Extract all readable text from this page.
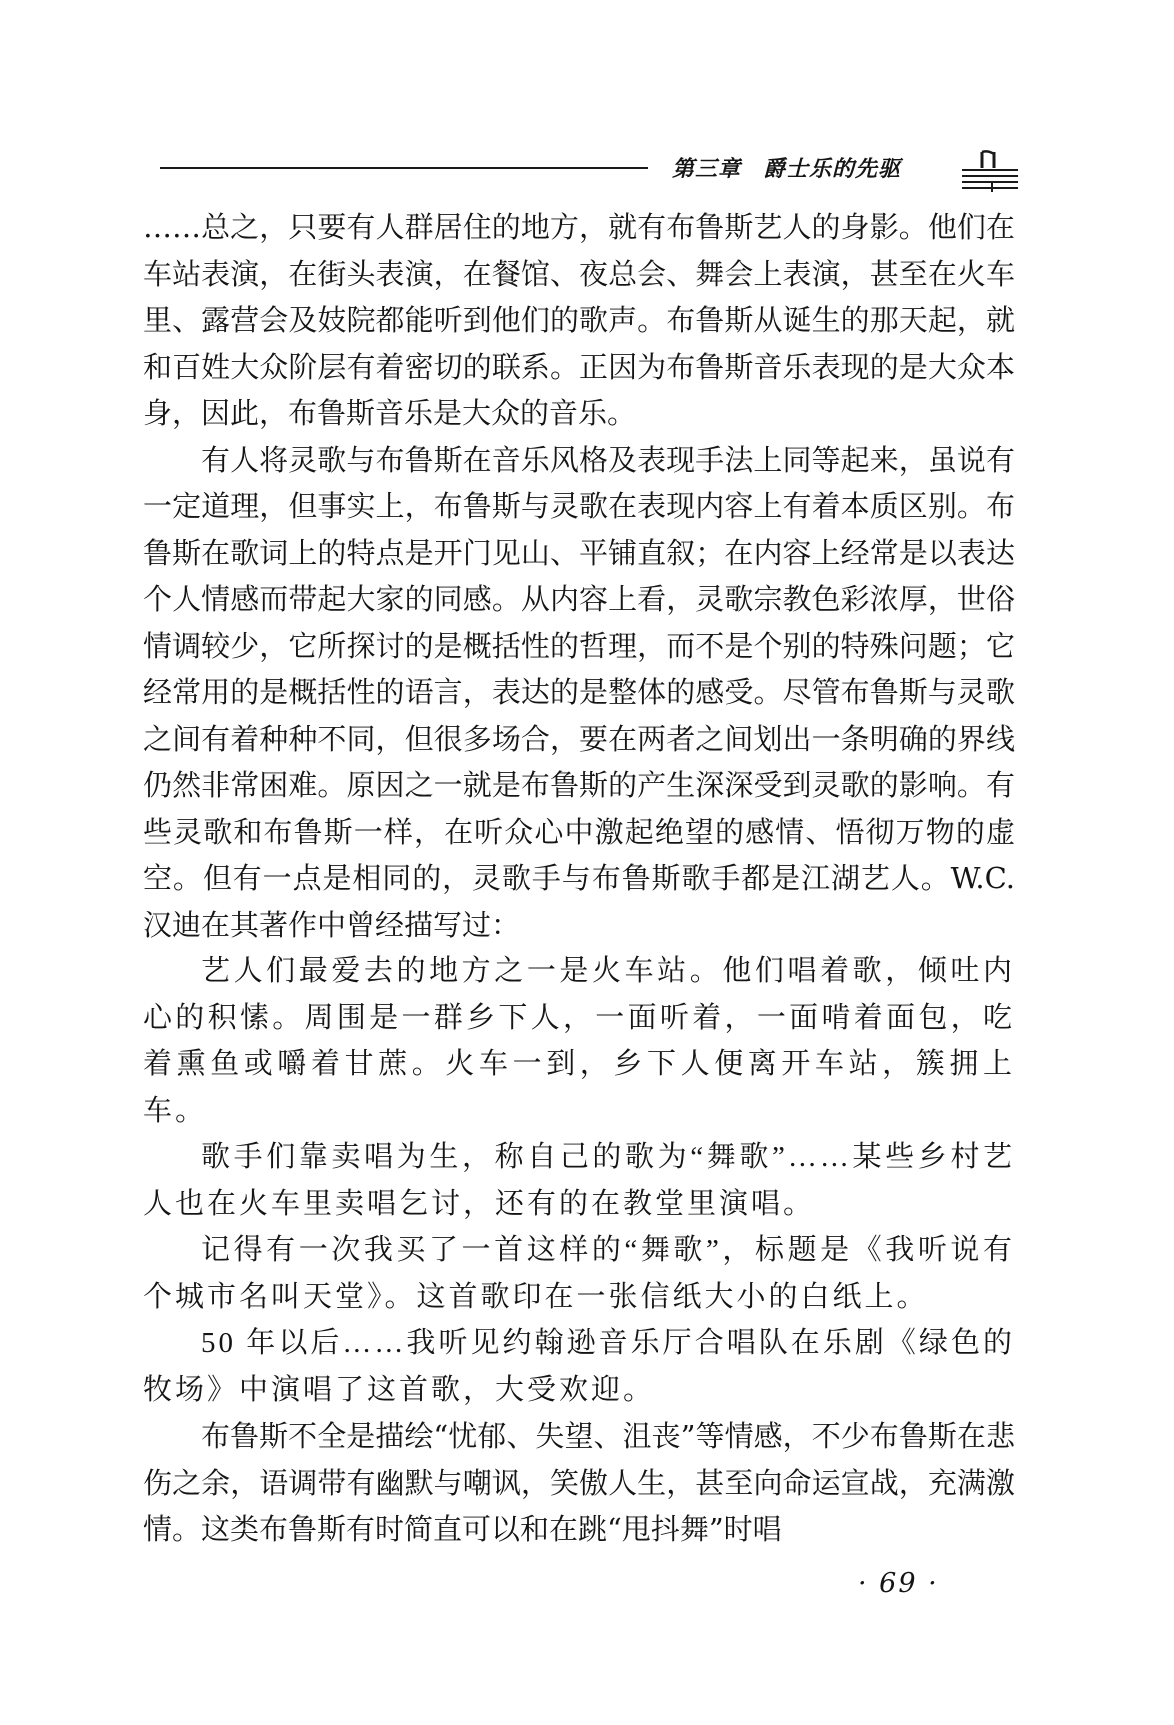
第三章 爵士乐的先驱

……总之，只要有人群居住的地方，就有布鲁斯艺人的身影。他们在车站表演，在街头表演，在餐馆、夜总会、舞会上表演，甚至在火车里、露营会及妓院都能听到他们的歌声。布鲁斯从诞生的那天起，就和百姓大众阶层有着密切的联系。正因为布鲁斯音乐表现的是大众本身，因此，布鲁斯音乐是大众的音乐。

有人将灵歌与布鲁斯在音乐风格及表现手法上同等起来，虽说有一定道理，但事实上，布鲁斯与灵歌在表现内容上有着本质区别。布鲁斯在歌词上的特点是开门见山、平铺直叙；在内容上经常是以表达个人情感而带起大家的同感。从内容上看，灵歌宗教色彩浓厚，世俗情调较少，它所探讨的是概括性的哲理，而不是个别的特殊问题；它经常用的是概括性的语言，表达的是整体的感受。尽管布鲁斯与灵歌之间有着种种不同，但很多场合，要在两者之间划出一条明确的界线仍然非常困难。原因之一就是布鲁斯的产生深深受到灵歌的影响。有些灵歌和布鲁斯一样，在听众心中激起绝望的感情、悟彻万物的虚空。但有一点是相同的，灵歌手与布鲁斯歌手都是江湖艺人。W.C. 汉迪在其著作中曾经描写过：

艺人们最爱去的地方之一是火车站。他们唱着歌，倾吐内心的积愫。周围是一群乡下人，一面听着，一面啃着面包，吃着熏鱼或嚼着甘蔗。火车一到，乡下人便离开车站，簇拥上车。

歌手们靠卖唱为生，称自己的歌为“舞歌”……某些乡村艺人也在火车里卖唱乞讨，还有的在教堂里演唱。

记得有一次我买了一首这样的“舞歌”，标题是《我听说有个城市名叫天堂》。这首歌印在一张信纸大小的白纸上。

50 年以后……我听见约翰逊音乐厅合唱队在乐剧《绿色的牧场》中演唱了这首歌，大受欢迎。

布鲁斯不全是描绘“忧郁、失望、沮丧”等情感，不少布鲁斯在悲伤之余，语调带有幽默与嘲讽，笑傲人生，甚至向命运宣战，充满激情。这类布鲁斯有时简直可以和在跳“甩抖舞”时唱

· 69 ·
